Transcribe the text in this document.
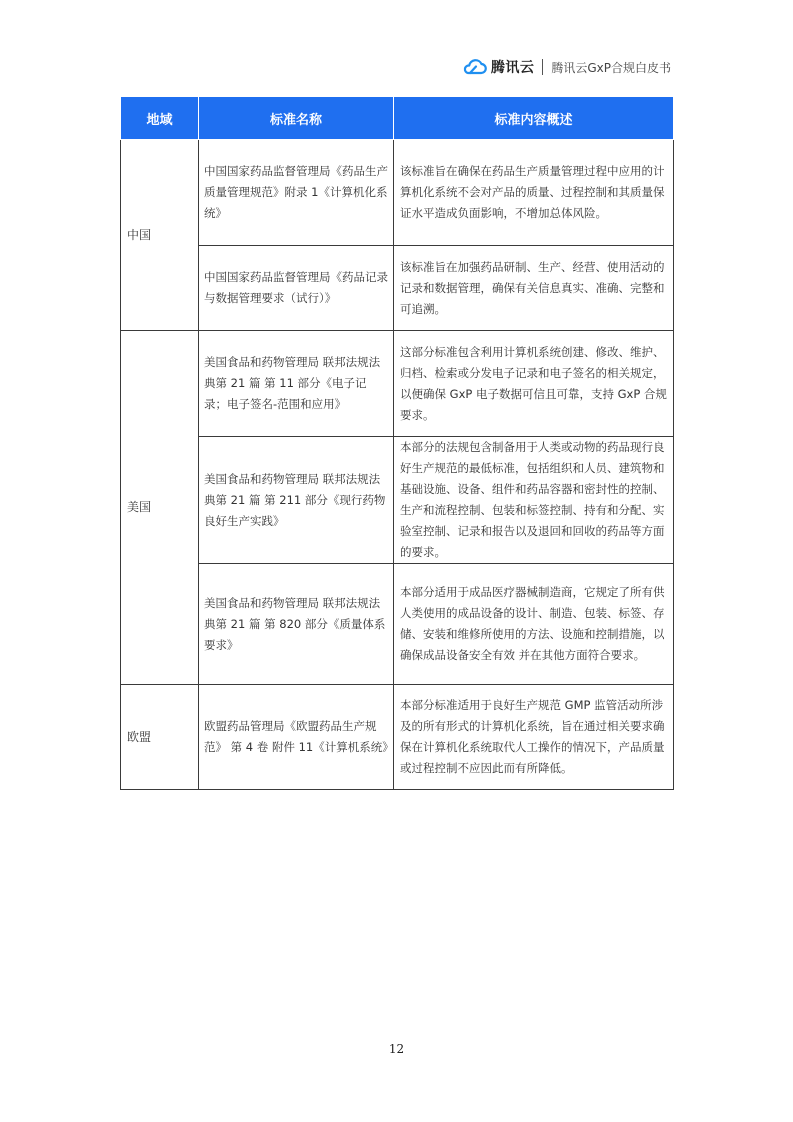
腾讯云 腾讯云GxP合规白皮书
地域	标准名称	标准内容概述
中国	中国国家药品监督管理局《药品生产质量管理规范》附录 1《计算机化系统》	该标准旨在确保在药品生产质量管理过程中应用的计算机化系统不会对产品的质量、过程控制和其质量保证水平造成负面影响，不增加总体风险。
	中国国家药品监督管理局《药品记录与数据管理要求（试行）》	该标准旨在加强药品研制、生产、经营、使用活动的记录和数据管理，确保有关信息真实、准确、完整和可追溯。
美国	美国食品和药物管理局 联邦法规法典第 21 篇 第 11 部分《电子记录；电子签名-范围和应用》	这部分标准包含利用计算机系统创建、修改、维护、归档、检索或分发电子记录和电子签名的相关规定，以便确保 GxP 电子数据可信且可靠，支持 GxP 合规要求。
	美国食品和药物管理局 联邦法规法典第 21 篇 第 211 部分《现行药物良好生产实践》	本部分的法规包含制备用于人类或动物的药品现行良好生产规范的最低标准，包括组织和人员、建筑物和基础设施、设备、组件和药品容器和密封性的控制、生产和流程控制、包装和标签控制、持有和分配、实验室控制、记录和报告以及退回和回收的药品等方面的要求。
	美国食品和药物管理局 联邦法规法典第 21 篇 第 820 部分《质量体系要求》	本部分适用于成品医疗器械制造商，它规定了所有供人类使用的成品设备的设计、制造、包装、标签、存储、安装和维修所使用的方法、设施和控制措施，以确保成品设备安全有效 并在其他方面符合要求。
欧盟	欧盟药品管理局《欧盟药品生产规范》 第 4 卷 附件 11《计算机系统》	本部分标准适用于良好生产规范 GMP 监管活动所涉及的所有形式的计算机化系统，旨在通过相关要求确保在计算机化系统取代人工操作的情况下，产品质量或过程控制不应因此而有所降低。
12
